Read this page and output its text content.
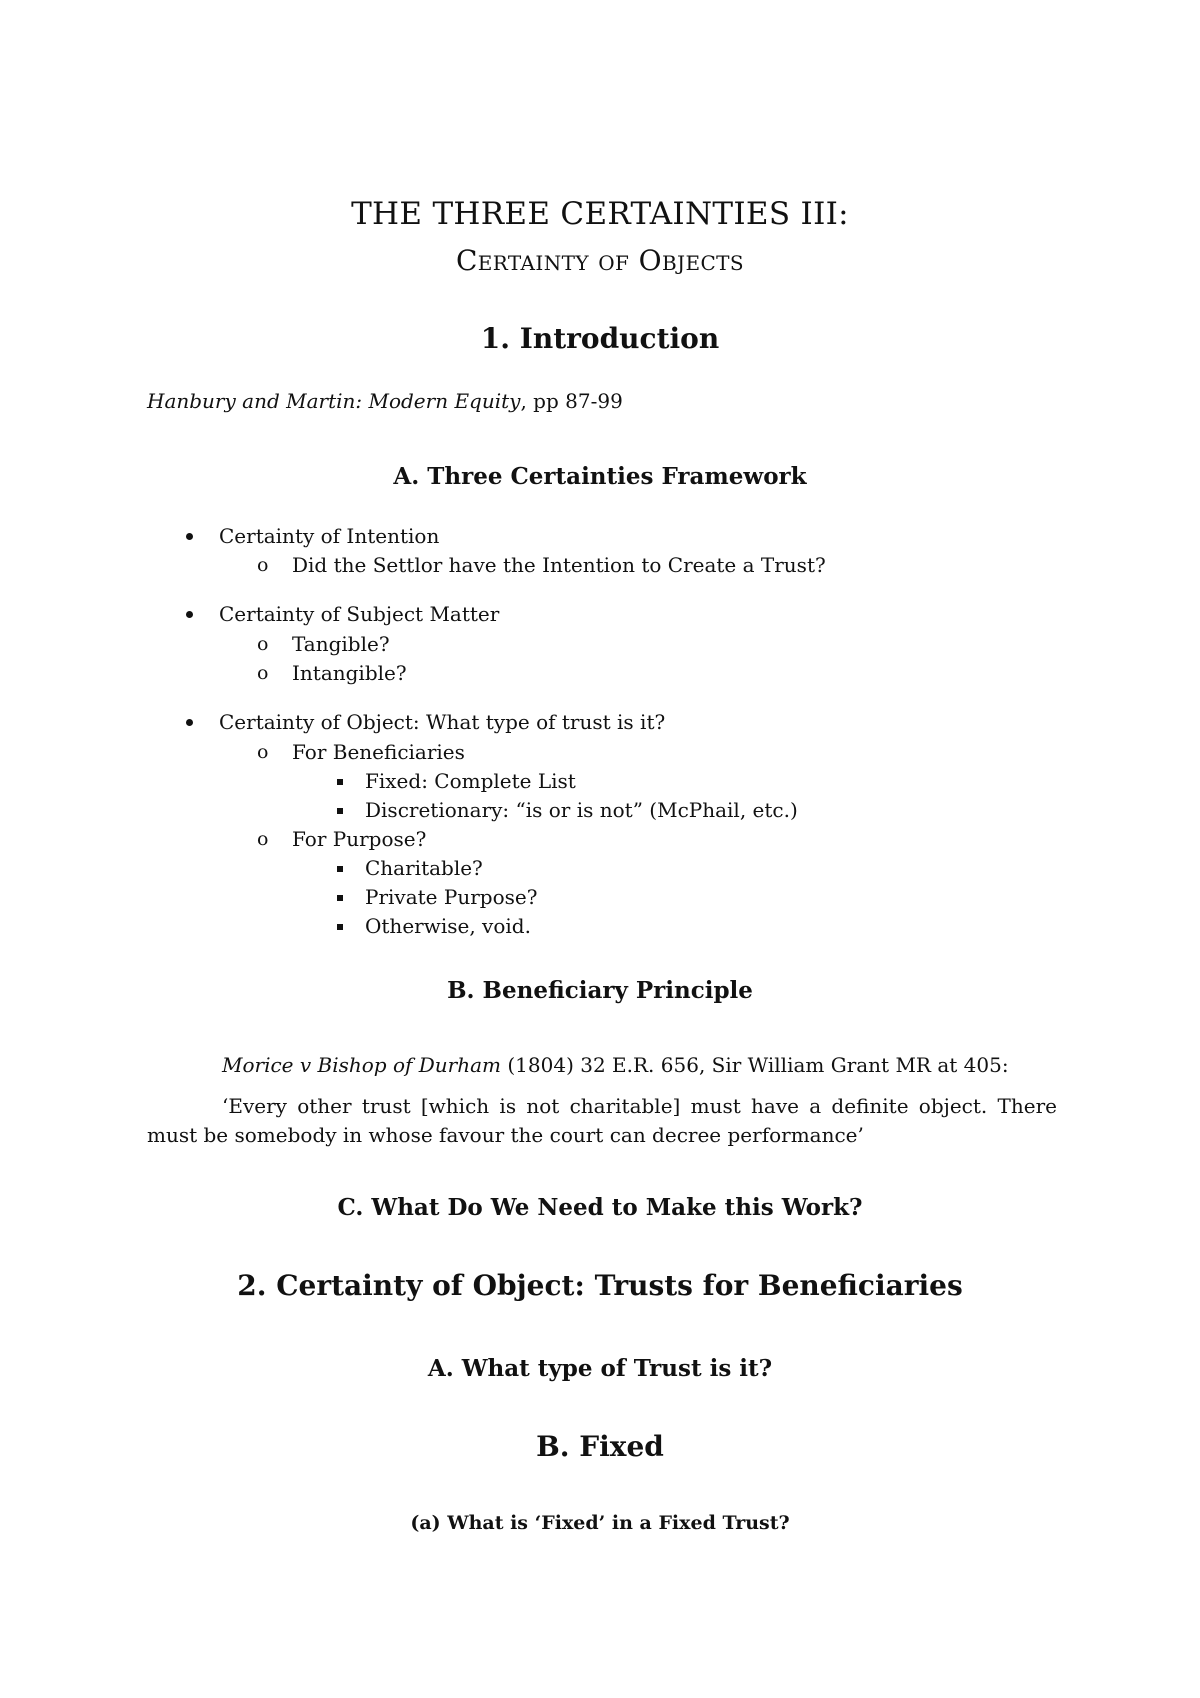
THE THREE CERTAINTIES III:
Certainty of Objects
1. Introduction
Hanbury and Martin: Modern Equity, pp 87-99
A. Three Certainties Framework
Certainty of Intention
o Did the Settlor have the Intention to Create a Trust?
Certainty of Subject Matter
o Tangible?
o Intangible?
Certainty of Object: What type of trust is it?
o For Beneficiaries
Fixed: Complete List
Discretionary: “is or is not” (McPhail, etc.)
o For Purpose?
Charitable?
Private Purpose?
Otherwise, void.
B. Beneficiary Principle
Morice v Bishop of Durham (1804) 32 E.R. 656, Sir William Grant MR at 405:
‘Every other trust [which is not charitable] must have a definite object. There must be somebody in whose favour the court can decree performance’
C. What Do We Need to Make this Work?
2. Certainty of Object: Trusts for Beneficiaries
A. What type of Trust is it?
B. Fixed
(a) What is ‘Fixed’ in a Fixed Trust?
